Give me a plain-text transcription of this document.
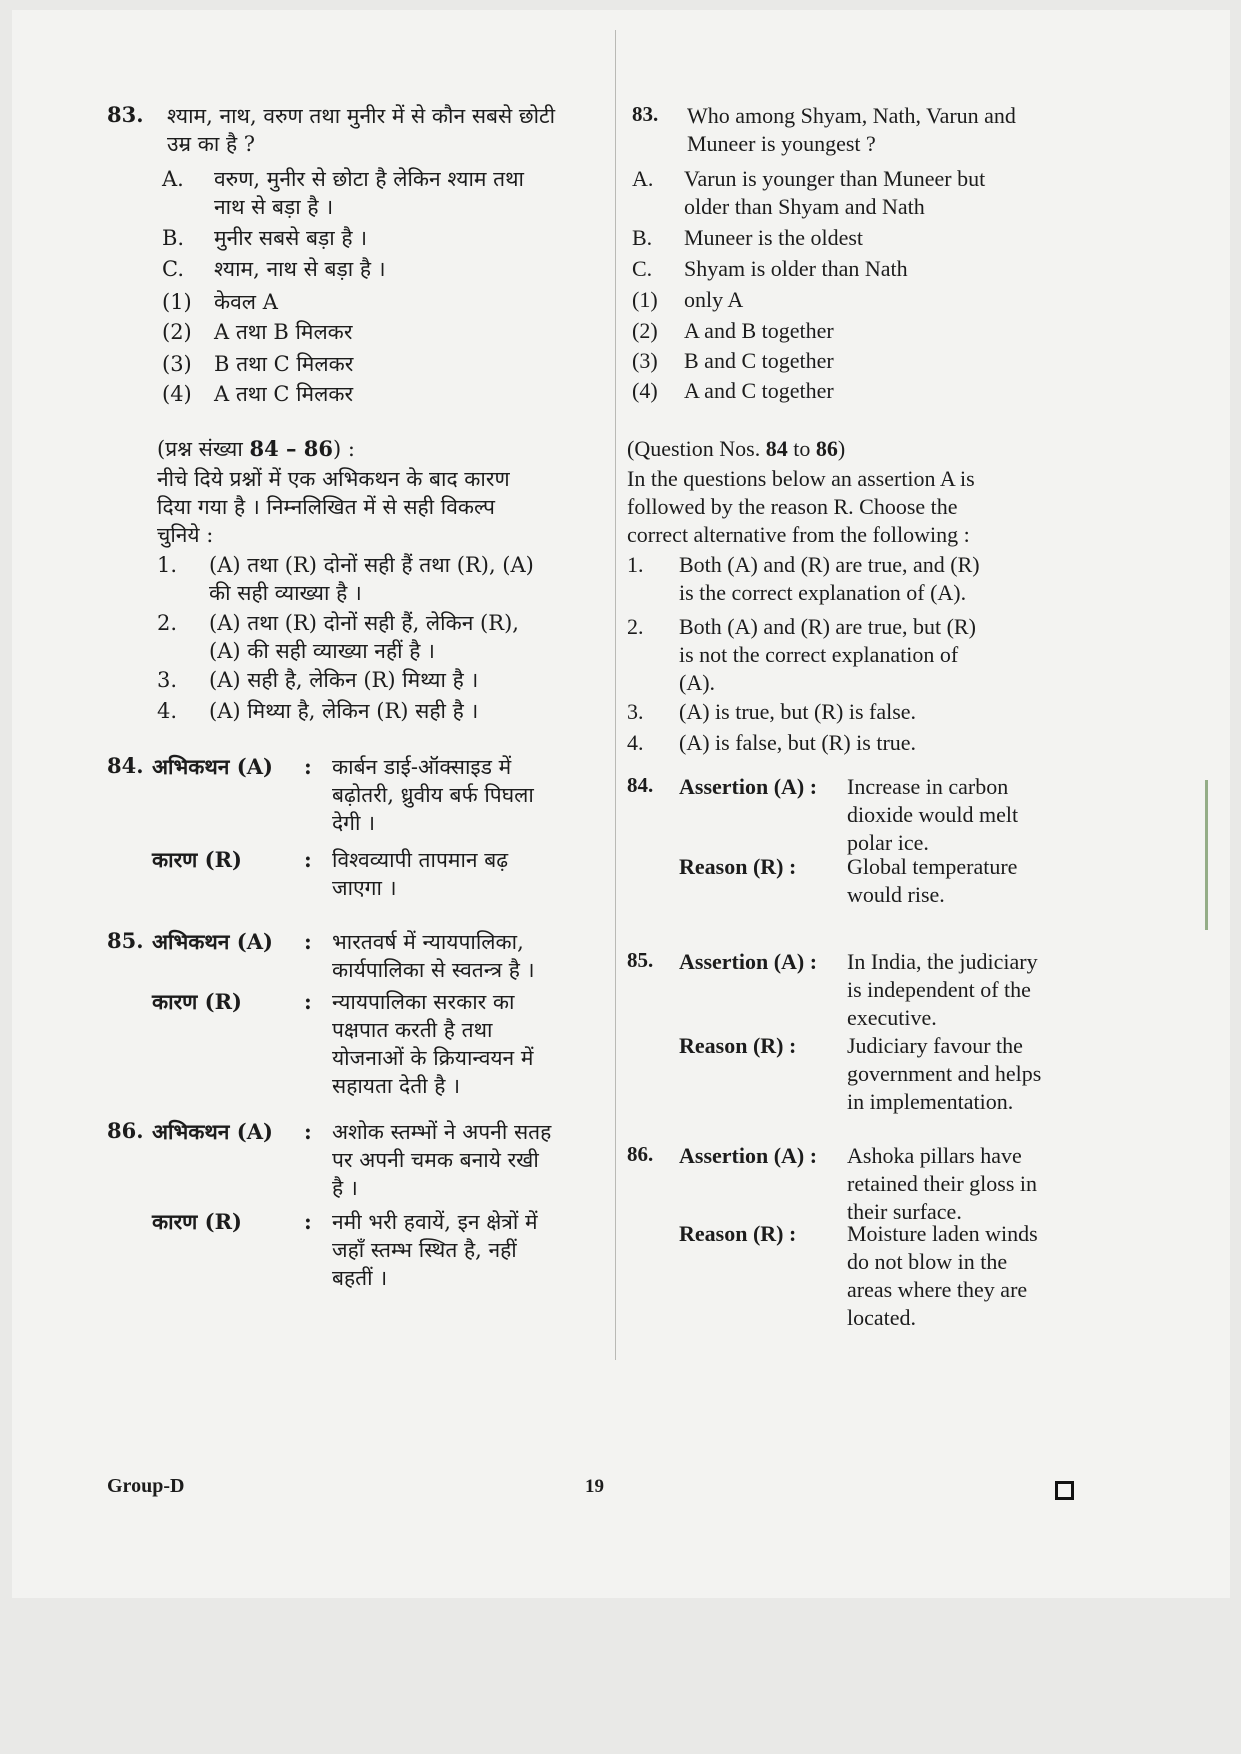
83.	श्याम, नाथ, वरुण तथा मुनीर में से कौन सबसे छोटी
उम्र का है ?
A.	वरुण, मुनीर से छोटा है लेकिन श्याम तथा
नाथ से बड़ा है ।
B.	मुनीर सबसे बड़ा है ।
C.	श्याम, नाथ से बड़ा है ।
(1)	केवल A
(2)	A तथा B मिलकर
(3)	B तथा C मिलकर
(4)	A तथा C मिलकर
(प्रश्न संख्या 84 – 86) :
नीचे दिये प्रश्नों में एक अभिकथन के बाद कारण
दिया गया है । निम्नलिखित में से सही विकल्प
चुनिये :
1.	(A) तथा (R) दोनों सही हैं तथा (R), (A)
की सही व्याख्या है ।
2.	(A) तथा (R) दोनों सही हैं, लेकिन (R),
(A) की सही व्याख्या नहीं है ।
3.	(A) सही है, लेकिन (R) मिथ्या है ।
4.	(A) मिथ्या है, लेकिन (R) सही है ।
84. अभिकथन (A)	: कार्बन डाई-ऑक्साइड में
बढ़ोतरी, ध्रुवीय बर्फ पिघला
देगी ।
कारण (R)	: विश्वव्यापी तापमान बढ़
जाएगा ।
85. अभिकथन (A)	: भारतवर्ष में न्यायपालिका,
कार्यपालिका से स्वतन्त्र है ।
कारण (R)	: न्यायपालिका सरकार का
पक्षपात करती है तथा
योजनाओं के क्रियान्वयन में
सहायता देती है ।
86. अभिकथन (A)	: अशोक स्तम्भों ने अपनी सतह
पर अपनी चमक बनाये रखी
है ।
कारण (R)	: नमी भरी हवायें, इन क्षेत्रों में
जहाँ स्तम्भ स्थित है, नहीं
बहतीं ।
83.	Who among Shyam, Nath, Varun and
Muneer is youngest ?
A.	Varun is younger than Muneer but
older than Shyam and Nath
B.	Muneer is the oldest
C.	Shyam is older than Nath
(1)	only A
(2)	A and B together
(3)	B and C together
(4)	A and C together
(Question Nos. 84 to 86)
In the questions below an assertion A is
followed by the reason R. Choose the
correct alternative from the following :
1.	Both (A) and (R) are true, and (R)
is the correct explanation of (A).
2.	Both (A) and (R) are true, but (R)
is not the correct explanation of
(A).
3.	(A) is true, but (R) is false.
4.	(A) is false, but (R) is true.
84.	Assertion (A) :	Increase in carbon
dioxide would melt
polar ice.
Reason (R) :	Global temperature
would rise.
85.	Assertion (A) :	In India, the judiciary
is independent of the
executive.
Reason (R) :	Judiciary favour the
government and helps
in implementation.
86.	Assertion (A) :	Ashoka pillars have
retained their gloss in
their surface.
Reason (R) :	Moisture laden winds
do not blow in the
areas where they are
located.
Group-D	19
